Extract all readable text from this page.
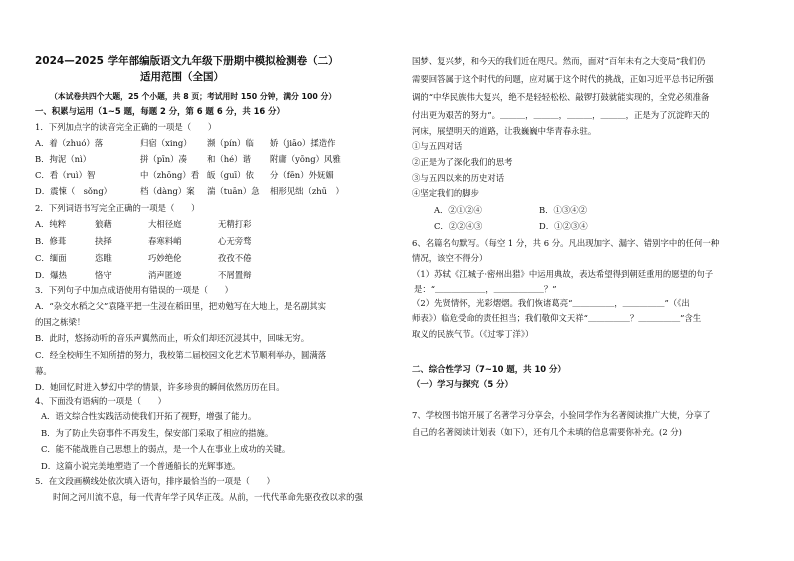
2024—2025 学年部编版语文九年级下册期中模拟检测卷（二）
适用范围（全国）
（本试卷共四个大题，25 个小题，共 8 页；考试用时 150 分钟，满分 100 分）
一、积累与运用（1~5 题，每题 2 分，第 6 题 6 分，共 16 分）
1．下列加点字的读音完全正确的一项是（　　）
A．着（zhuó）落	归宿（xing） 濒（pín）临 娇（jiāo）揉造作
B．拘泥（nì）	拼（pīn）凑 和（hé）谐 附庸（yōng）风雅
C．看（ruì）智	中（zhōng）看 皈（guī）依 分（fēn）外妩媚
D．震悚（　sǒng）	档（dàng）案 湍（tuān）急 相形见绌（zhū　）
2．下列词语书写完全正确的一项是（　　）
A．纯粹	狼藉	大相径庭	无精打彩
B．修葺	抉择	春寒料峭	心无旁骛
C．缅面	恣睢	巧妙绝伦	孜孜不倦
D．爆热	恪守	消声匿迹	不屑置辩
3．下列句子中加点成语使用有错误的一项是（　　）
A．“杂交水稻之父”袁隆平把一生浸在稻田里，把劝勉写在大地上，是名副其实
的国之栋梁！
B．此时，悠扬动听的音乐声翼然而止，听众们却还沉浸其中，回味无穷。
C．经全校师生不知所措的努力，我校第二届校园文化艺术节顺利举办，圆满落
幕。
D．她回忆时进入梦幻中学的情景，许多珍贵的瞬间依然历历在目。
4、下面没有语病的一项是（　　）
A．语文综合性实践活动使我们开拓了视野，增强了能力。
B．为了防止失窃事件不再发生，保安部门采取了相应的措施。
C．能不能战胜自己思想上的弱点，是一个人在事业上成功的关键。
D．这篇小说完美地塑造了一个普通船长的光辉事迹。
5．在文段画横线处依次填入语句，排序最恰当的一项是（　　）
时间之河川流不息，每一代青年学子风华正茂。从前，一代代革命先驱孜孜以求的强
国梦、复兴梦，和今天的我们近在咫尺。然而，面对“百年未有之大变局”我们仍
需要回答属于这个时代的问题，应对属于这个时代的挑战，正如习近平总书记所强
调的“中华民族伟大复兴，绝不是轻轻松松、敲锣打鼓就能实现的，全党必须准备
付出更为艰苦的努力”。＿＿＿，＿＿＿，＿＿＿，＿＿＿，正是为了沉淀昨天的
河床，展望明天的道路，让我巍巍中华青春永驻。
①与五四对话
②正是为了深化我们的思考
③与五四以来的历史对话
④坚定我们的脚步
A．②①②④	B．①③④②
C．②②④③	D．①②③④
6、名篇名句默写。（每空 1 分，共 6 分。凡出现加字、漏字、错别字中的任何一种
情况，该空不得分）
（1）苏轼《江城子·密州出猎》中运用典故，表达希望得到朝廷重用的愿望的句子
是：“＿＿＿＿＿＿，＿＿＿＿＿＿？”
（2）先贤情怀，光彩熠熠。我们恢诸葛亮“＿＿＿＿＿，＿＿＿＿＿”（《出
师表》）临危受命的责任担当；我们敬仰文天祥“＿＿＿＿＿？＿＿＿＿＿”含生
取义的民族气节。（《过零丁洋》）
二、综合性学习（7~10 题，共 10 分）
（一）学习与探究（5 分）
7、学校图书馆开展了名著学习分享会，小验同学作为名著阅读推广大使，分享了
自己的名著阅读计划表（如下），还有几个未填的信息需要你补充。(2 分)
